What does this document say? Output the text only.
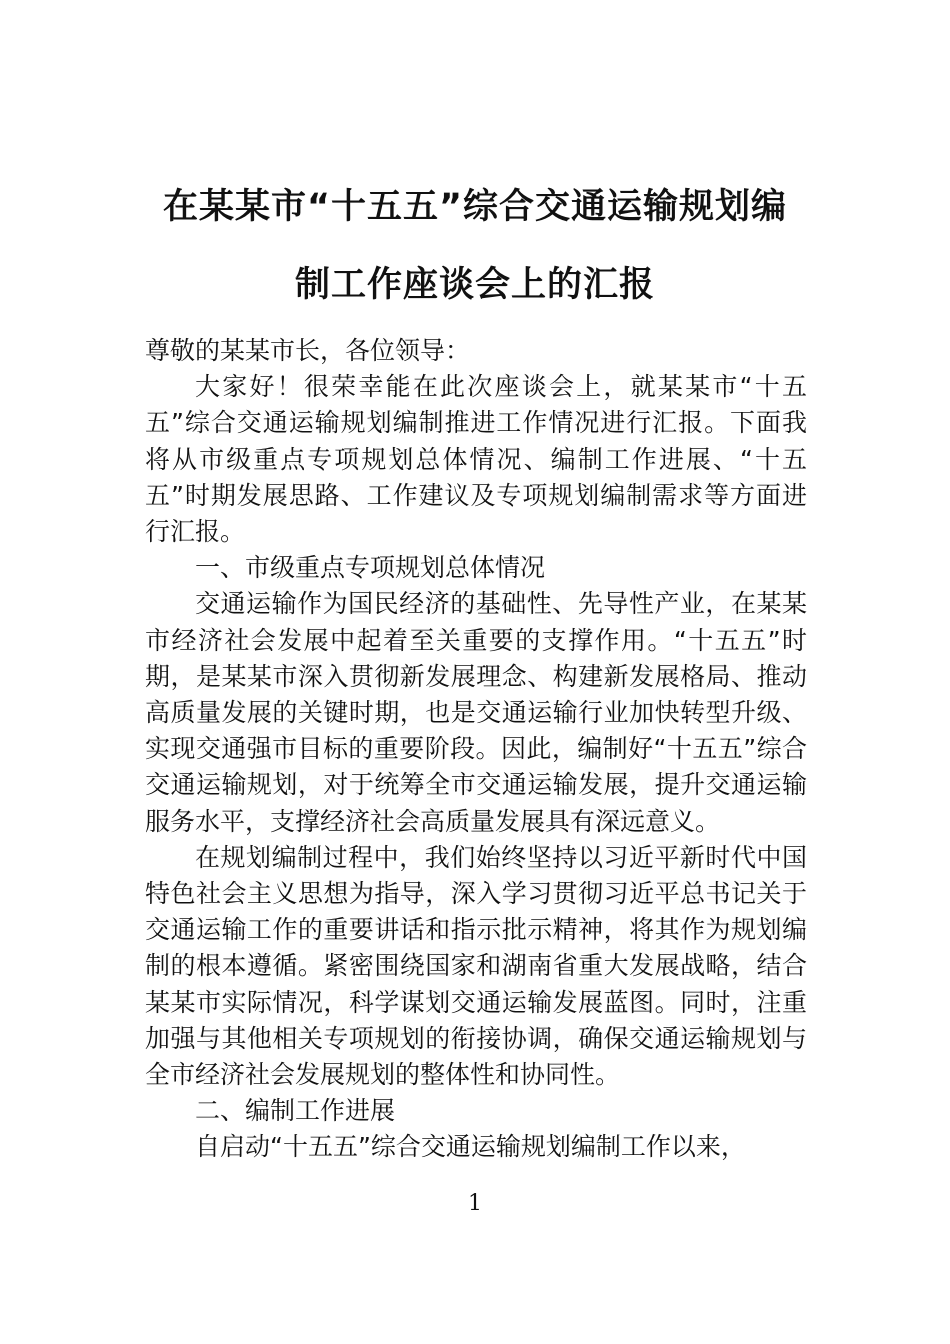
在某某市“十五五”综合交通运输规划编
制工作座谈会上的汇报

尊敬的某某市长，各位领导：

大家好！很荣幸能在此次座谈会上，就某某市“十五五”综合交通运输规划编制推进工作情况进行汇报。下面我将从市级重点专项规划总体情况、编制工作进展、“十五五”时期发展思路、工作建议及专项规划编制需求等方面进行汇报。

一、市级重点专项规划总体情况

交通运输作为国民经济的基础性、先导性产业，在某某市经济社会发展中起着至关重要的支撑作用。“十五五”时期，是某某市深入贯彻新发展理念、构建新发展格局、推动高质量发展的关键时期，也是交通运输行业加快转型升级、实现交通强市目标的重要阶段。因此，编制好“十五五”综合交通运输规划，对于统筹全市交通运输发展，提升交通运输服务水平，支撑经济社会高质量发展具有深远意义。

在规划编制过程中，我们始终坚持以习近平新时代中国特色社会主义思想为指导，深入学习贯彻习近平总书记关于交通运输工作的重要讲话和指示批示精神，将其作为规划编制的根本遵循。紧密围绕国家和湖南省重大发展战略，结合某某市实际情况，科学谋划交通运输发展蓝图。同时，注重加强与其他相关专项规划的衔接协调，确保交通运输规划与全市经济社会发展规划的整体性和协同性。

二、编制工作进展

自启动“十五五”综合交通运输规划编制工作以来，

1
